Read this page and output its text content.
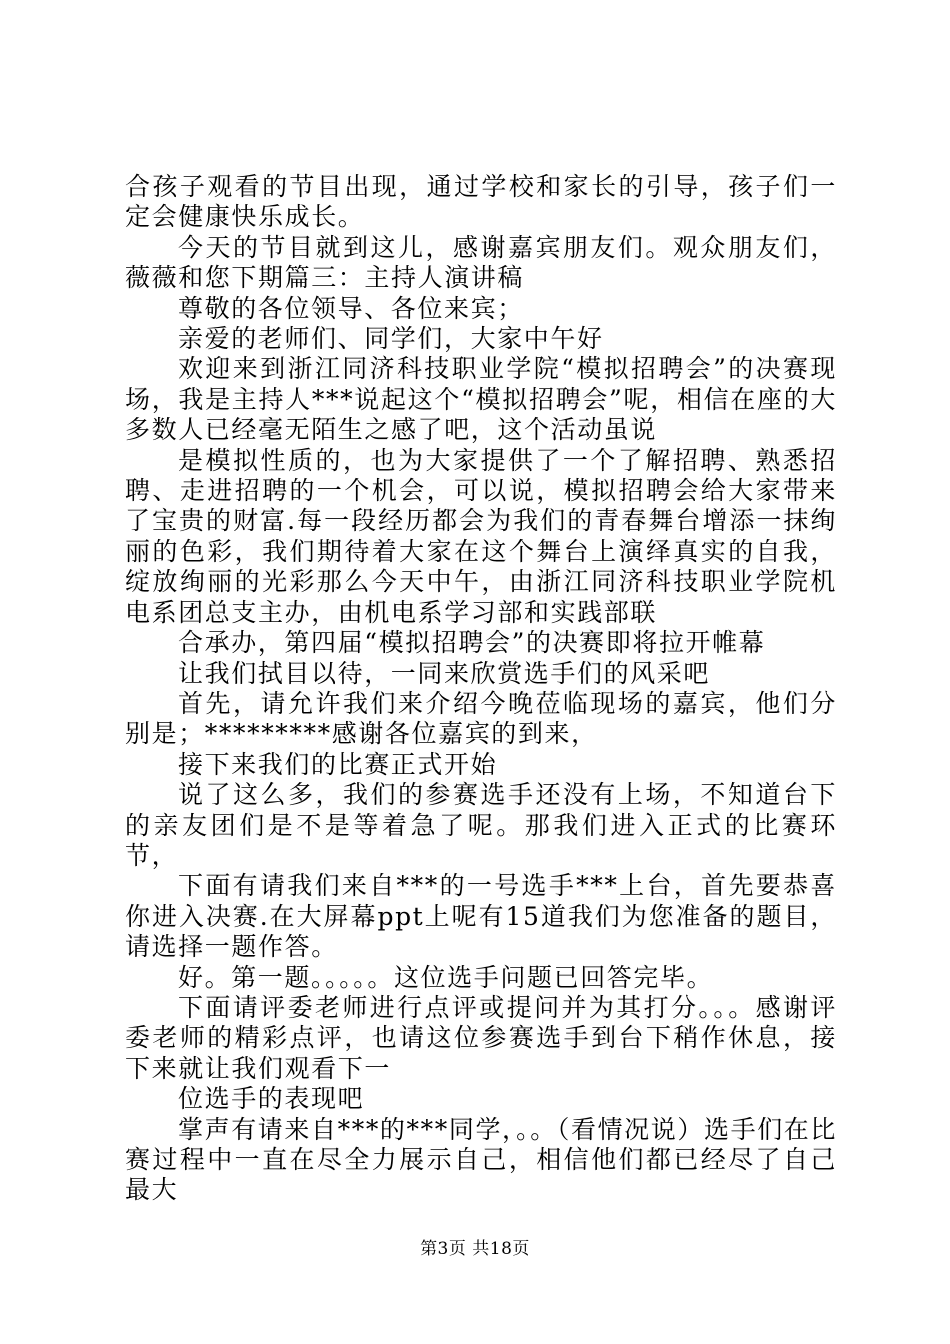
合孩子观看的节目出现，通过学校和家长的引导，孩子们一定会健康快乐成长。

今天的节目就到这儿，感谢嘉宾朋友们。观众朋友们，薇薇和您下期篇三：主持人演讲稿

尊敬的各位领导、各位来宾；

亲爱的老师们、同学们，大家中午好

欢迎来到浙江同济科技职业学院“模拟招聘会”的决赛现场，我是主持人***说起这个“模拟招聘会”呢，相信在座的大多数人已经毫无陌生之感了吧，这个活动虽说

是模拟性质的，也为大家提供了一个了解招聘、熟悉招聘、走进招聘的一个机会，可以说，模拟招聘会给大家带来了宝贵的财富.每一段经历都会为我们的青春舞台增添一抹绚丽的色彩，我们期待着大家在这个舞台上演绎真实的自我，绽放绚丽的光彩那么今天中午，由浙江同济科技职业学院机电系团总支主办，由机电系学习部和实践部联

合承办，第四届“模拟招聘会”的决赛即将拉开帷幕

让我们拭目以待，一同来欣赏选手们的风采吧

首先，请允许我们来介绍今晚莅临现场的嘉宾，他们分别是；*********感谢各位嘉宾的到来，

接下来我们的比赛正式开始

说了这么多，我们的参赛选手还没有上场，不知道台下的亲友团们是不是等着急了呢。那我们进入正式的比赛环节，

下面有请我们来自***的一号选手***上台，首先要恭喜你进入决赛.在大屏幕ppt上呢有15道我们为您准备的题目，请选择一题作答。

好。第一题。。。。。这位选手问题已回答完毕。

下面请评委老师进行点评或提问并为其打分。。。感谢评委老师的精彩点评，也请这位参赛选手到台下稍作休息，接下来就让我们观看下一

位选手的表现吧

掌声有请来自***的***同学，。。（看情况说）选手们在比赛过程中一直在尽全力展示自己，相信他们都已经尽了自己最大

第3页 共18页
